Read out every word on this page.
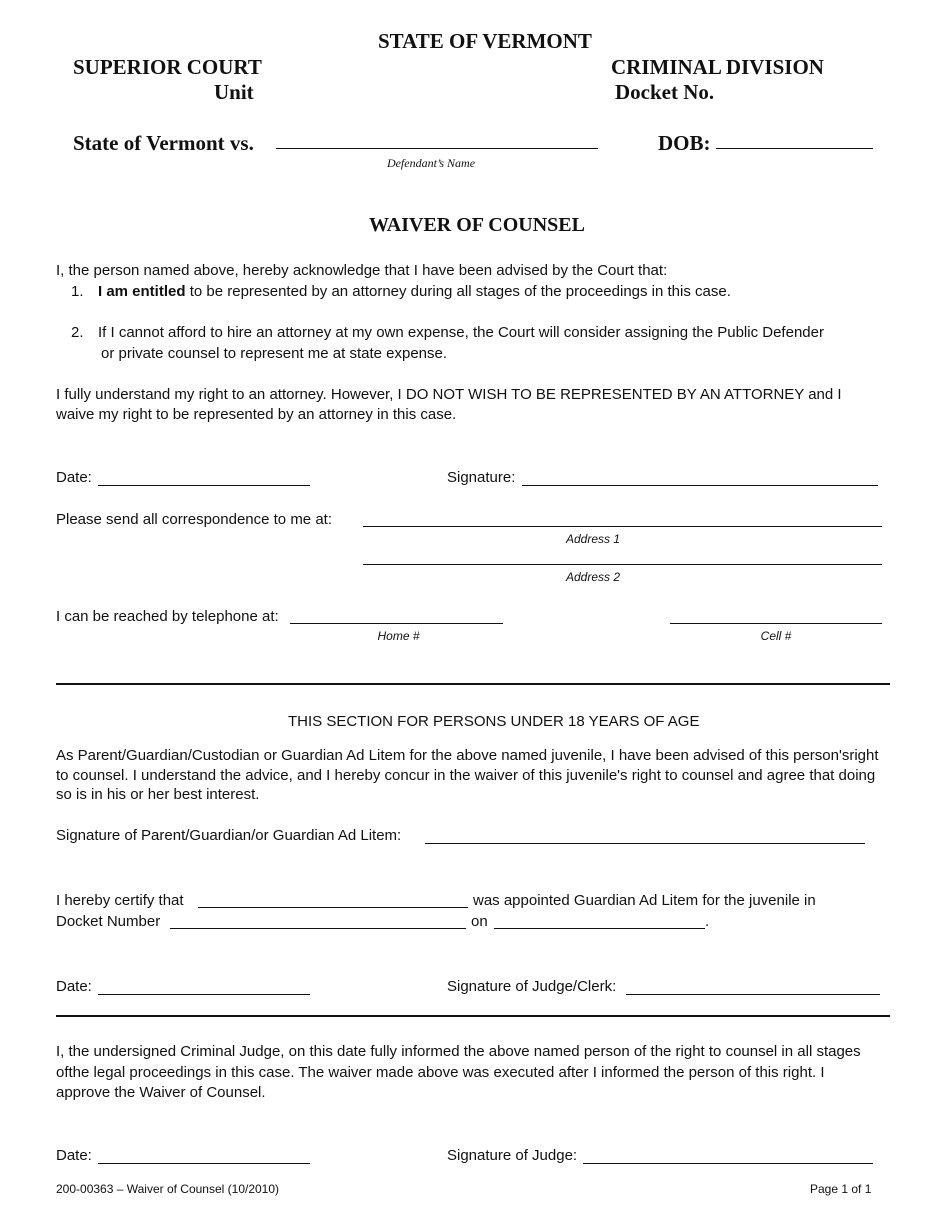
STATE OF VERMONT
SUPERIOR COURT
Unit
CRIMINAL DIVISION
Docket No.
State of Vermont vs.
Defendant’s Name
DOB:
WAIVER OF COUNSEL
I, the person named above, hereby acknowledge that I have been advised by the Court that:
1. I am entitled to be represented by an attorney during all stages of the proceedings in this case.
2. If I cannot afford to hire an attorney at my own expense, the Court will consider assigning the Public Defender
or private counsel to represent me at state expense.
I fully understand my right to an attorney. However, I DO NOT WISH TO BE REPRESENTED BY AN ATTORNEY and I waive my right to be represented by an attorney in this case.
Date:	Signature:
Please send all correspondence to me at:
Address 1
Address 2
I can be reached by telephone at:
Home #	Cell #
THIS SECTION FOR PERSONS UNDER 18 YEARS OF AGE
As Parent/Guardian/Custodian or Guardian Ad Litem for the above named juvenile, I have been advised of this person'sright to counsel. I understand the advice, and I hereby concur in the waiver of this juvenile's right to counsel and agree that doing so is in his or her best interest.
Signature of Parent/Guardian/or Guardian Ad Litem:
I hereby certify that	was appointed Guardian Ad Litem for the juvenile in
Docket Number	on	.
Date:	Signature of Judge/Clerk:
I, the undersigned Criminal Judge, on this date fully informed the above named person of the right to counsel in all stages ofthe legal proceedings in this case. The waiver made above was executed after I informed the person of this right. I approve the Waiver of Counsel.
Date:	Signature of Judge:
200-00363 – Waiver of Counsel (10/2010)	Page 1 of 1
